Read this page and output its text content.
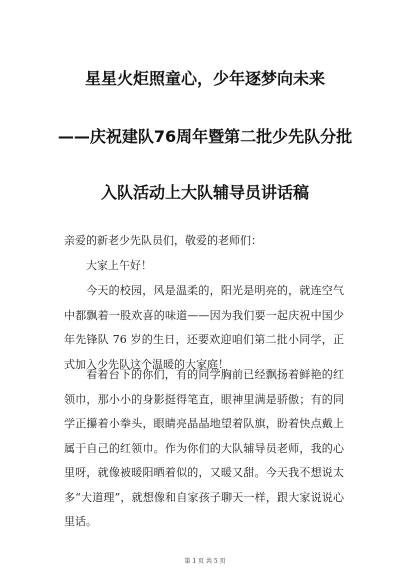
星星火炬照童心，少年逐梦向未来
——庆祝建队76周年暨第二批少先队分批
入队活动上大队辅导员讲话稿
亲爱的新老少先队员们，敬爱的老师们：
大家上午好！
今天的校园，风是温柔的，阳光是明亮的，就连空气中都飘着一股欢喜的味道——因为我们要一起庆祝中国少年先锋队 76 岁的生日，还要欢迎咱们第二批小同学，正式加入少先队这个温暖的大家庭！
看着台下的你们，有的同学胸前已经飘扬着鲜艳的红领巾，那小小的身影挺得笔直，眼神里满是骄傲；有的同学正攥着小拳头，眼睛亮晶晶地望着队旗，盼着快点戴上属于自己的红领巾。作为你们的大队辅导员老师，我的心里呀，就像被暖阳晒着似的，又暖又甜。今天我不想说太多“大道理”，就想像和自家孩子聊天一样，跟大家说说心里话。
第 1 页 共 5 页
